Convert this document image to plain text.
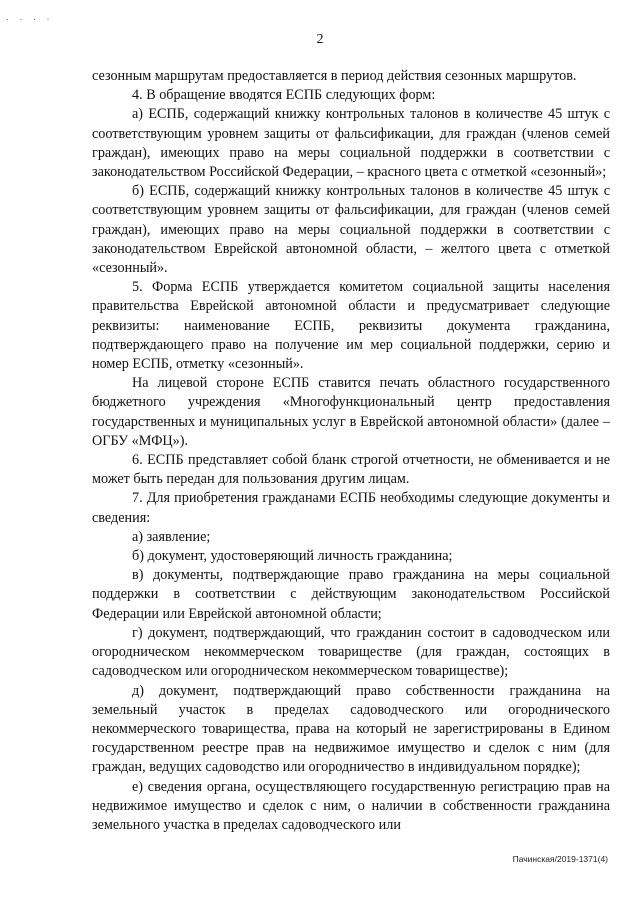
· · · ·
2

сезонным маршрутам предоставляется в период действия сезонных маршрутов.

4. В обращение вводятся ЕСПБ следующих форм:

а) ЕСПБ, содержащий книжку контрольных талонов в количестве 45 штук с соответствующим уровнем защиты от фальсификации, для граждан (членов семей граждан), имеющих право на меры социальной поддержки в соответствии с законодательством Российской Федерации, – красного цвета с отметкой «сезонный»;

б) ЕСПБ, содержащий книжку контрольных талонов в количестве 45 штук с соответствующим уровнем защиты от фальсификации, для граждан (членов семей граждан), имеющих право на меры социальной поддержки в соответствии с законодательством Еврейской автономной области, – желтого цвета с отметкой «сезонный».

5. Форма ЕСПБ утверждается комитетом социальной защиты населения правительства Еврейской автономной области и предусматривает следующие реквизиты: наименование ЕСПБ, реквизиты документа гражданина, подтверждающего право на получение им мер социальной поддержки, серию и номер ЕСПБ, отметку «сезонный».

На лицевой стороне ЕСПБ ставится печать областного государственного бюджетного учреждения «Многофункциональный центр предоставления государственных и муниципальных услуг в Еврейской автономной области» (далее – ОГБУ «МФЦ»).

6. ЕСПБ представляет собой бланк строгой отчетности, не обменивается и не может быть передан для пользования другим лицам.

7. Для приобретения гражданами ЕСПБ необходимы следующие документы и сведения:

а) заявление;

б) документ, удостоверяющий личность гражданина;

в) документы, подтверждающие право гражданина на меры социальной поддержки в соответствии с действующим законодательством Российской Федерации или Еврейской автономной области;

г) документ, подтверждающий, что гражданин состоит в садоводческом или огородническом некоммерческом товариществе (для граждан, состоящих в садоводческом или огородническом некоммерческом товариществе);

д) документ, подтверждающий право собственности гражданина на земельный участок в пределах садоводческого или огороднического некоммерческого товарищества, права на который не зарегистрированы в Едином государственном реестре прав на недвижимое имущество и сделок с ним (для граждан, ведущих садоводство или огородничество в индивидуальном порядке);

е) сведения органа, осуществляющего государственную регистрацию прав на недвижимое имущество и сделок с ним, о наличии в собственности гражданина земельного участка в пределах садоводческого или

Пачинская/2019-1371(4)
